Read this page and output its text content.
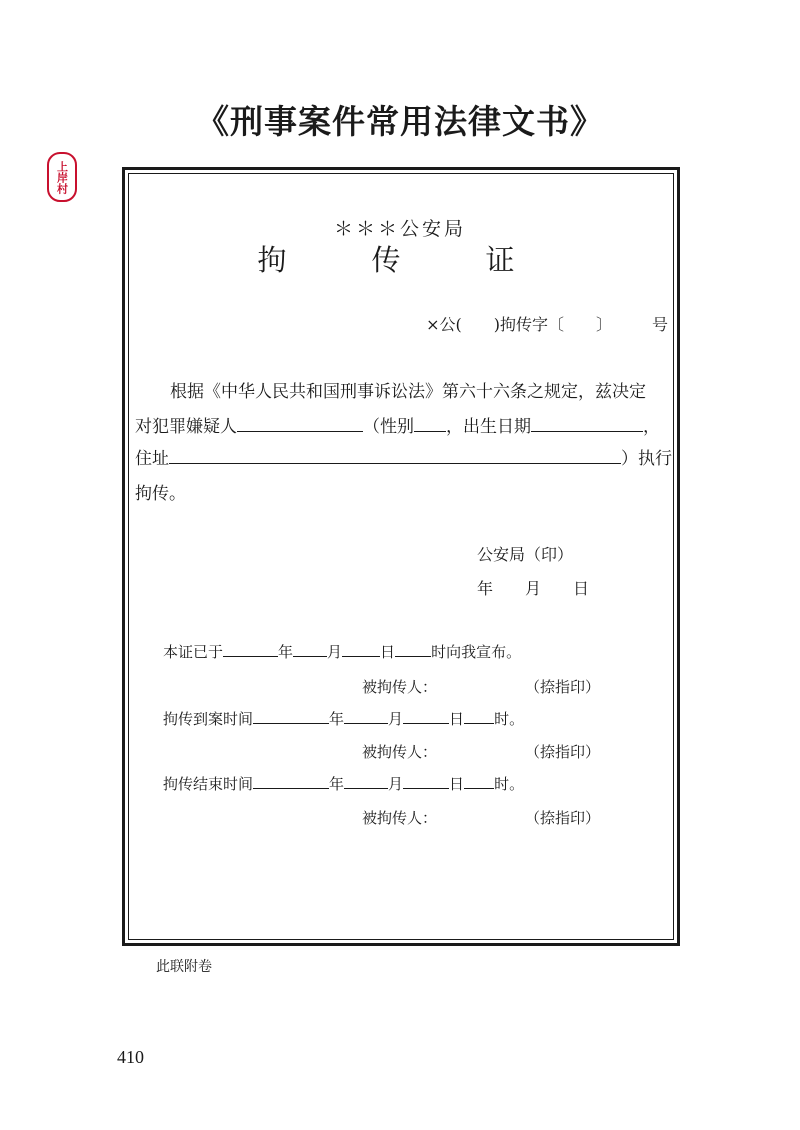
《刑事案件常用法律文书》
上岸村
＊＊＊公安局
拘　传　证
×公(　　)拘传字〔　　〕　　　号
根据《中华人民共和国刑事诉讼法》第六十六条之规定，兹决定
对犯罪嫌疑人	（性别 ，出生日期	，
住址	）执行
拘传。
公安局（印）
年　　月　　日
本证已于	年 月	日 时向我宣布。
被拘传人：	（捺指印）
拘传到案时间	年	月	日 时。
被拘传人：	（捺指印）
拘传结束时间	年	月	日 时。
被拘传人：	（捺指印）
此联附卷
410
